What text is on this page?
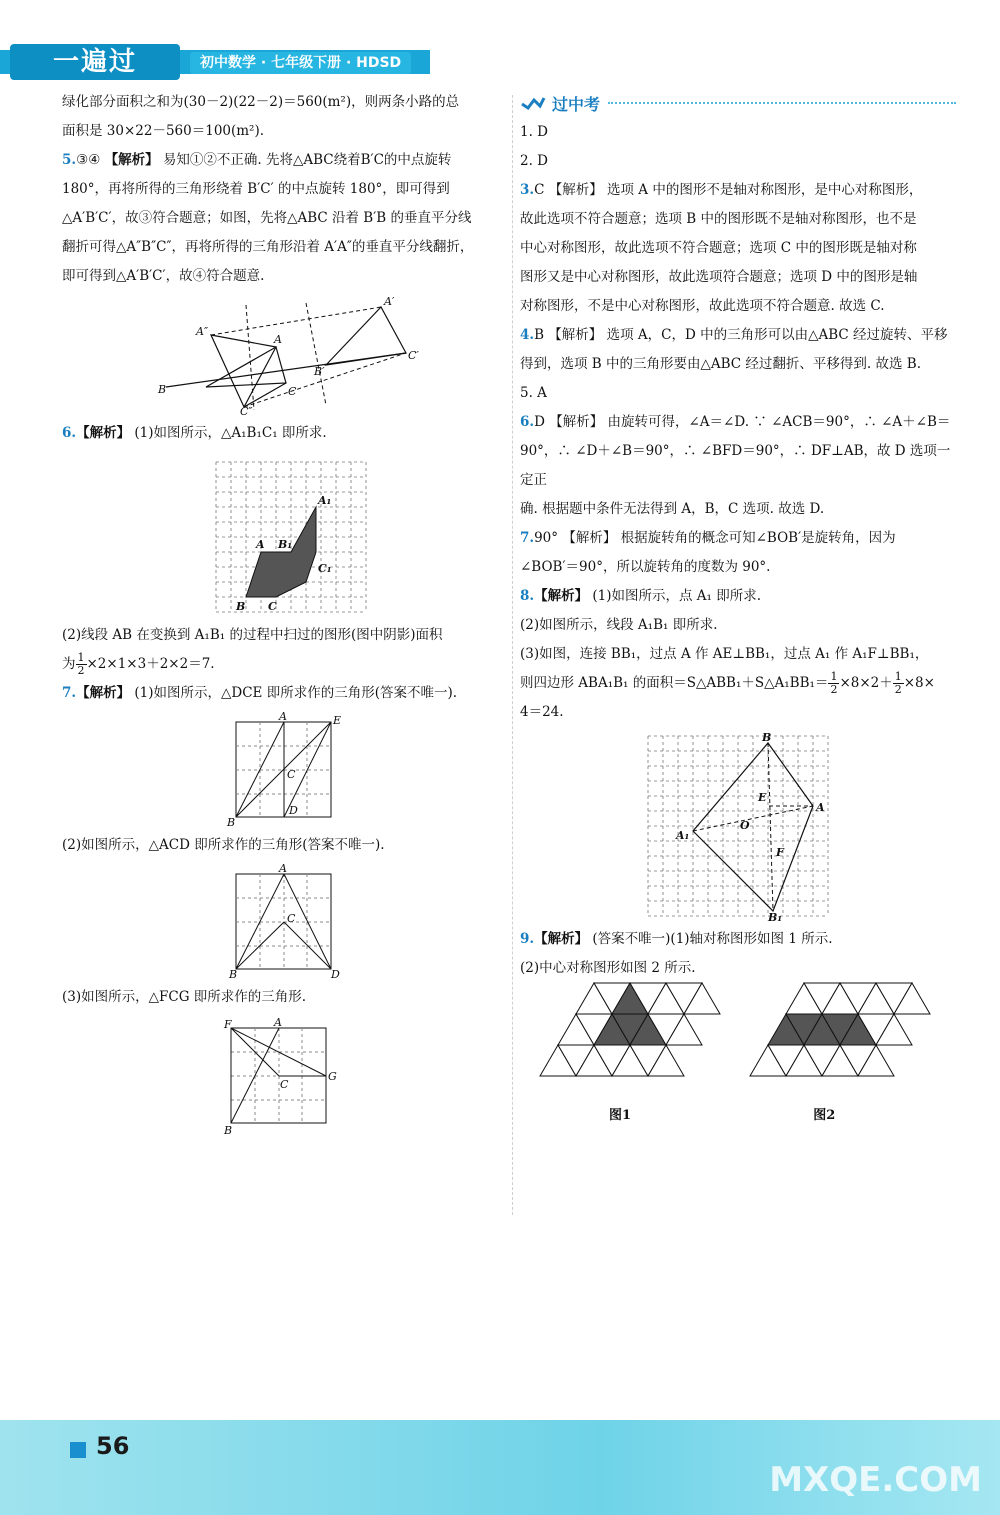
一遍过	初中数学 · 七年级下册 · HDSD

绿化部分面积之和为(30－2)(22－2)＝560(m²)，则两条小路的总

面积是 30×22－560＝100(m²).

5.③④ 【解析】 易知①②不正确. 先将△ABC绕着B′C的中点旋转

180°，再将所得的三角形绕着 B′C′ 的中点旋转 180°，即可得到

△A′B′C′，故③符合题意；如图，先将△ABC 沿着 B′B 的垂直平分线

翻折可得△A″B″C″，再将所得的三角形沿着 A′A″的垂直平分线翻折，

即可得到△A′B′C′，故④符合题意.

B
A
C
A″
C″
B′
A′
C′

6.【解析】 (1)如图所示，△A₁B₁C₁ 即所求.

B
A B₁
C
A₁
C₁

(2)线段 AB 在变换到 A₁B₁ 的过程中扫过的图形(图中阴影)面积

为 $\frac{1}{2} \times 2\times 1\times 3+2\times 2=7$.

7.【解析】 (1)如图所示，△DCE 即所求作的三角形(答案不唯一).

A	E
C
D
B

(2)如图所示，△ACD 即所求作的三角形(答案不唯一).

A
C
B	D

(3)如图所示，△FCG 即所求作的三角形.

F	A
C
G
B
过中考

1. D

2. D

3.C 【解析】 选项 A 中的图形不是轴对称图形，是中心对称图形，

故此选项不符合题意；选项 B 中的图形既不是轴对称图形，也不是

中心对称图形，故此选项不符合题意；选项 C 中的图形既是轴对称

图形又是中心对称图形，故此选项符合题意；选项 D 中的图形是轴

对称图形，不是中心对称图形，故此选项不符合题意. 故选 C.

4.B 【解析】 选项 A，C，D 中的三角形可以由△ABC 经过旋转、平移

得到，选项 B 中的三角形要由△ABC 经过翻折、平移得到. 故选 B.

5. A

6.D 【解析】 由旋转可得，∠A＝∠D. ∵ ∠ACB＝90°，∴ ∠A＋∠B＝

90°，∴ ∠D＋∠B＝90°，∴ ∠BFD＝90°，∴ DF⊥AB，故 D 选项一定正

确. 根据题中条件无法得到 A，B，C 选项. 故选 D.

7.90° 【解析】 根据旋转角的概念可知∠BOB′是旋转角，因为

∠BOB′＝90°，所以旋转角的度数为 90°.

8.【解析】 (1)如图所示，点 A₁ 即所求.

(2)如图所示，线段 A₁B₁ 即所求.

(3)如图，连接 BB₁，过点 A 作 AE⊥BB₁，过点 A₁ 作 A₁F⊥BB₁，

则四边形 ABA₁B₁ 的面积＝S△ABB₁＋S△A₁BB₁＝ $\frac{1}{2} \times 8\times 2+ \frac{1}{2} \times 8\times$

4＝24.

B
A
E
O
F
A₁
B₁

9.【解析】 (答案不唯一)(1)轴对称图形如图 1 所示.

(2)中心对称图形如图 2 所示.

图1	图2
56
MXQE.COM
